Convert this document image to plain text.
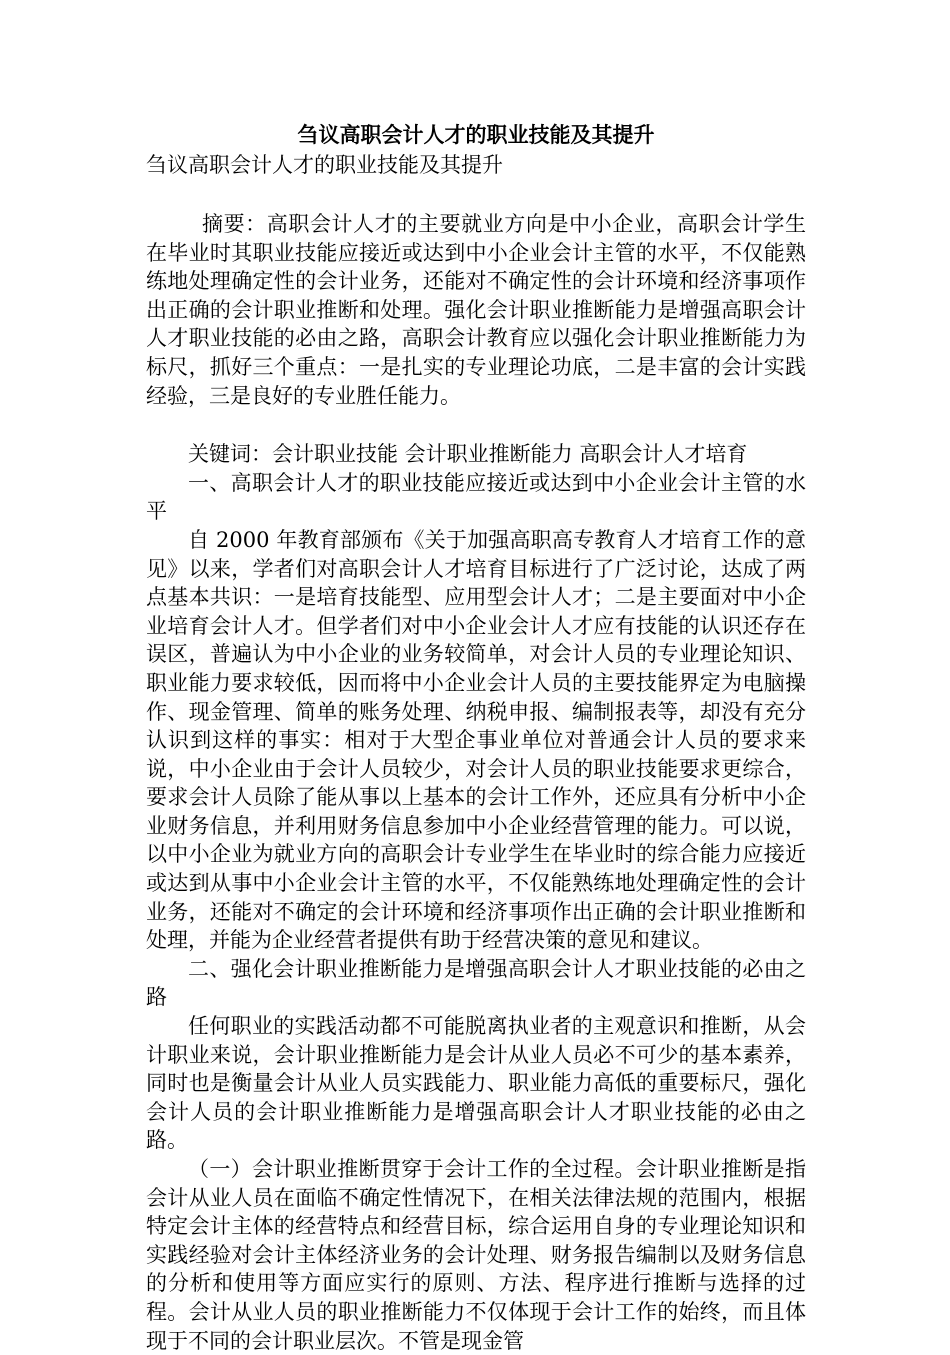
刍议高职会计人才的职业技能及其提升
刍议高职会计人才的职业技能及其提升

摘要：高职会计人才的主要就业方向是中小企业，高职会计学生在毕业时其职业技能应接近或达到中小企业会计主管的水平，不仅能熟练地处理确定性的会计业务，还能对不确定性的会计环境和经济事项作出正确的会计职业推断和处理。强化会计职业推断能力是增强高职会计人才职业技能的必由之路，高职会计教育应以强化会计职业推断能力为标尺，抓好三个重点：一是扎实的专业理论功底，二是丰富的会计实践经验，三是良好的专业胜任能力。

关键词：会计职业技能 会计职业推断能力 高职会计人才培育

一、高职会计人才的职业技能应接近或达到中小企业会计主管的水平

自 2000 年教育部颁布《关于加强高职高专教育人才培育工作的意见》以来，学者们对高职会计人才培育目标进行了广泛讨论，达成了两点基本共识：一是培育技能型、应用型会计人才；二是主要面对中小企业培育会计人才。但学者们对中小企业会计人才应有技能的认识还存在误区，普遍认为中小企业的业务较简单，对会计人员的专业理论知识、职业能力要求较低，因而将中小企业会计人员的主要技能界定为电脑操作、现金管理、简单的账务处理、纳税申报、编制报表等，却没有充分认识到这样的事实：相对于大型企事业单位对普通会计人员的要求来说，中小企业由于会计人员较少，对会计人员的职业技能要求更综合，要求会计人员除了能从事以上基本的会计工作外，还应具有分析中小企业财务信息，并利用财务信息参加中小企业经营管理的能力。可以说，以中小企业为就业方向的高职会计专业学生在毕业时的综合能力应接近或达到从事中小企业会计主管的水平，不仅能熟练地处理确定性的会计业务，还能对不确定的会计环境和经济事项作出正确的会计职业推断和处理，并能为企业经营者提供有助于经营决策的意见和建议。

二、强化会计职业推断能力是增强高职会计人才职业技能的必由之路

任何职业的实践活动都不可能脱离执业者的主观意识和推断，从会计职业来说，会计职业推断能力是会计从业人员必不可少的基本素养，同时也是衡量会计从业人员实践能力、职业能力高低的重要标尺，强化会计人员的会计职业推断能力是增强高职会计人才职业技能的必由之路。

（一）会计职业推断贯穿于会计工作的全过程。会计职业推断是指会计从业人员在面临不确定性情况下，在相关法律法规的范围内，根据特定会计主体的经营特点和经营目标，综合运用自身的专业理论知识和实践经验对会计主体经济业务的会计处理、财务报告编制以及财务信息的分析和使用等方面应实行的原则、方法、程序进行推断与选择的过程。会计从业人员的职业推断能力不仅体现于会计工作的始终，而且体现于不同的会计职业层次。不管是现金管
